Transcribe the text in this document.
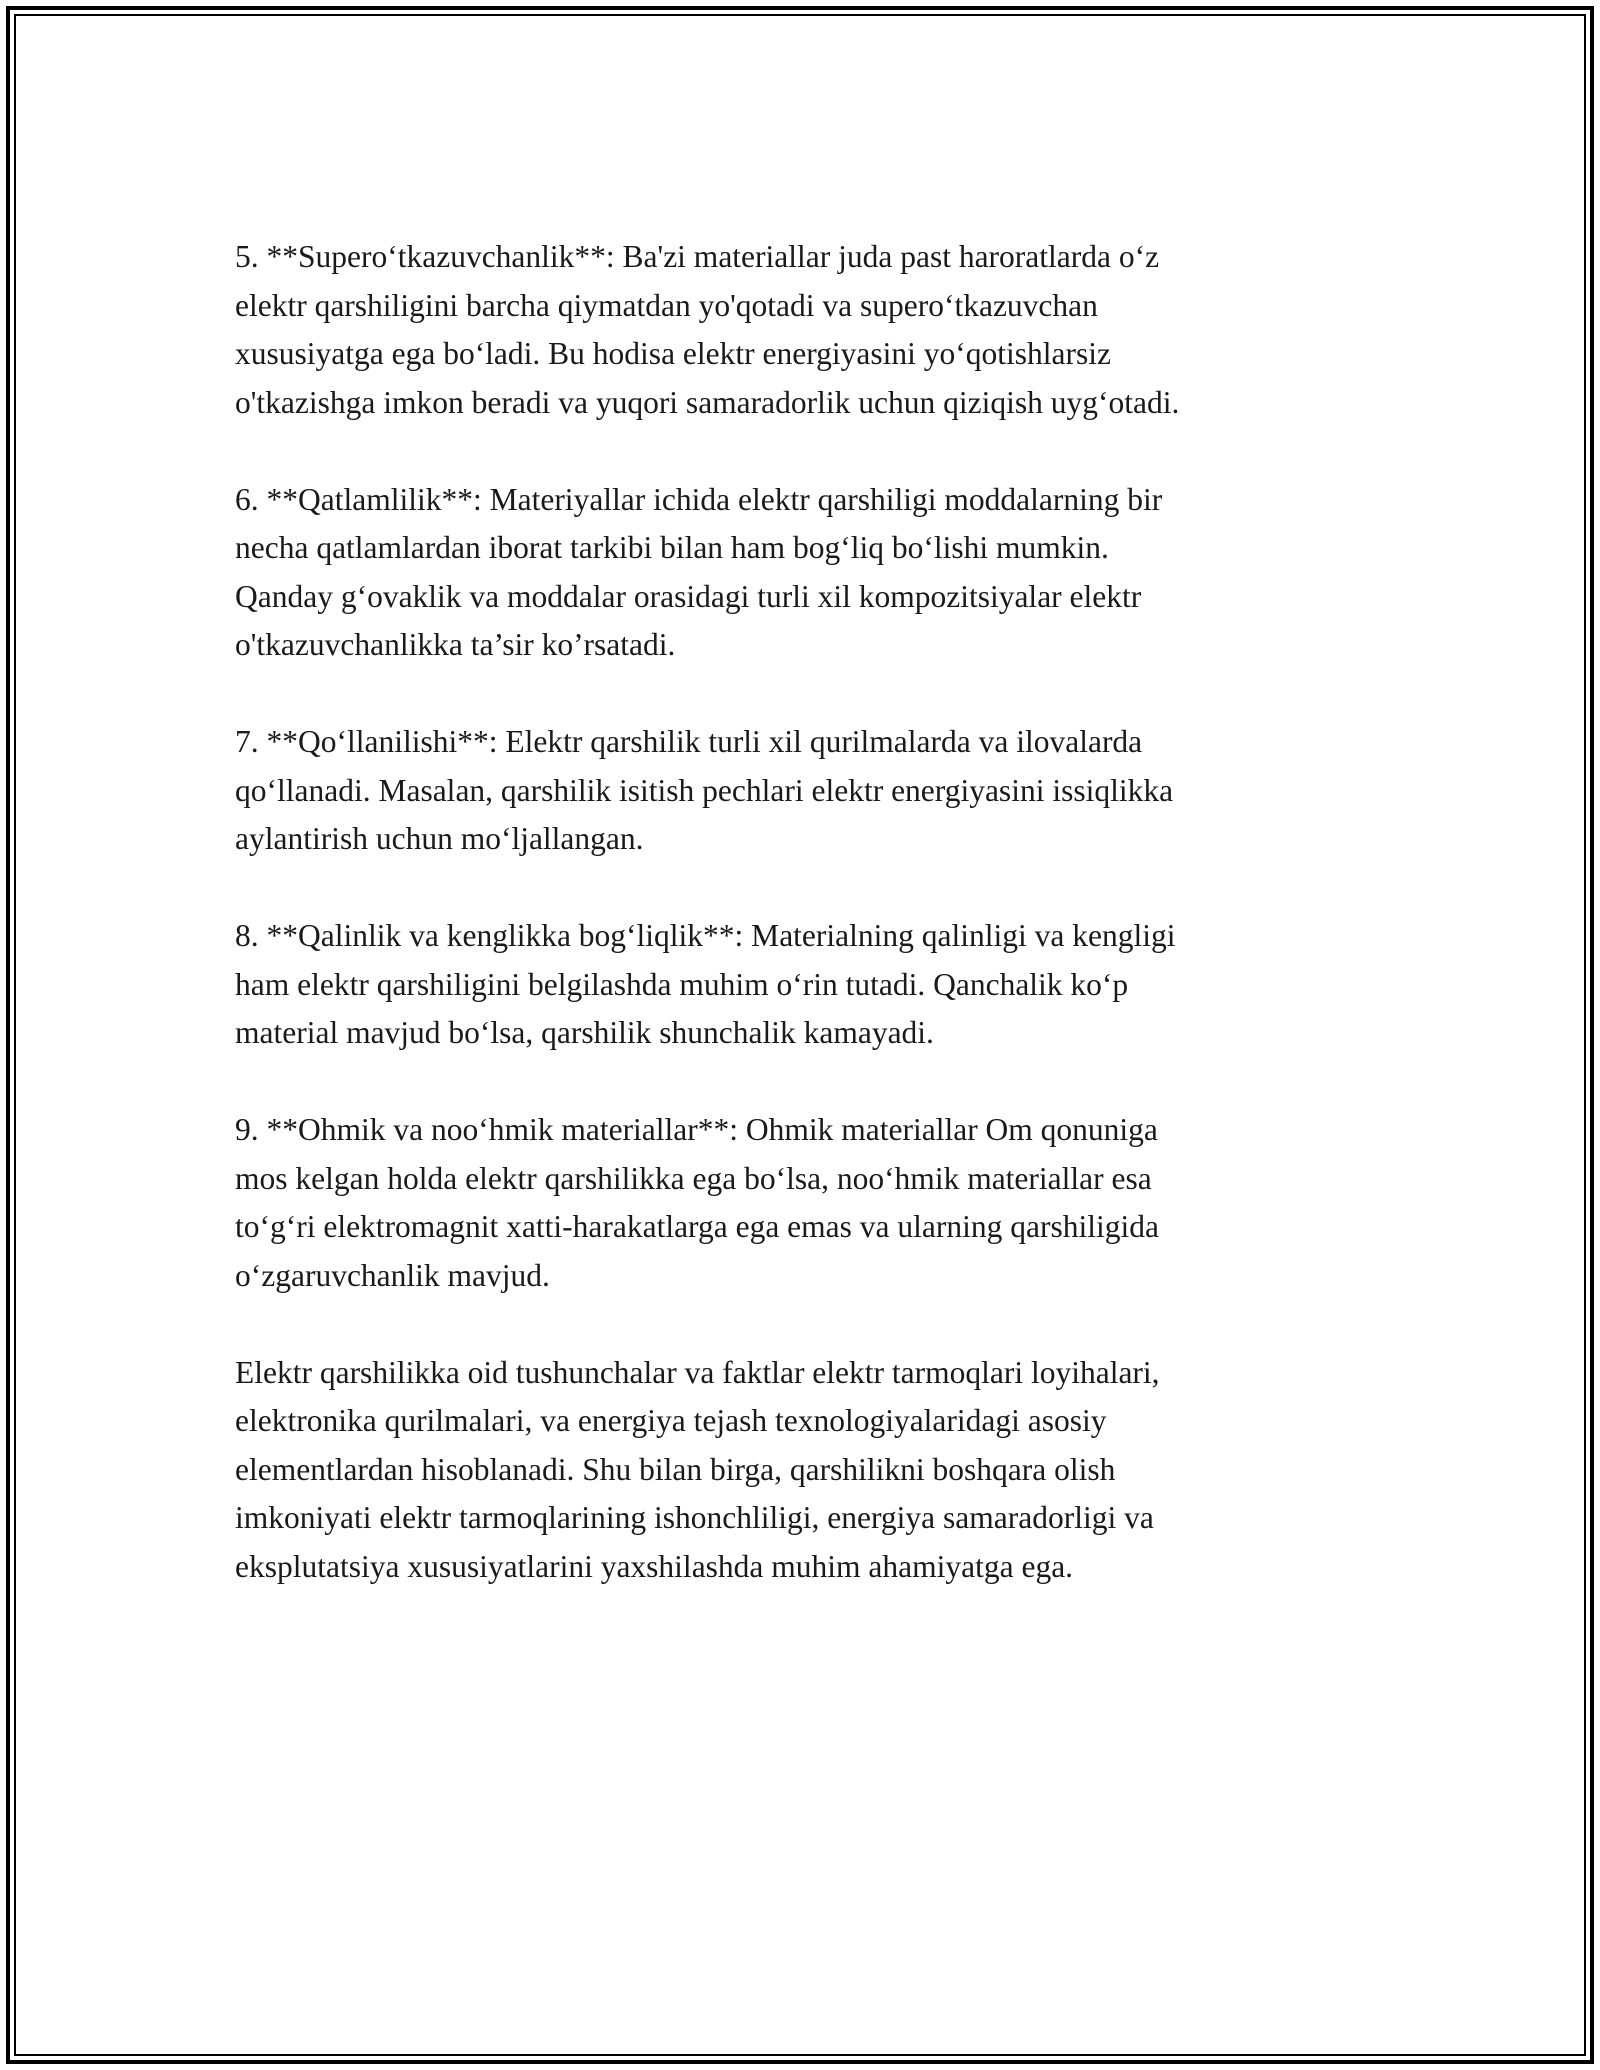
5. **Supero‘tkazuvchanlik**: Ba'zi materiallar juda past haroratlarda o‘z
elektr qarshiligini barcha qiymatdan yo'qotadi va supero‘tkazuvchan
xususiyatga ega bo‘ladi. Bu hodisa elektr energiyasini yo‘qotishlarsiz
o'tkazishga imkon beradi va yuqori samaradorlik uchun qiziqish uyg‘otadi.

6. **Qatlamlilik**: Materiyallar ichida elektr qarshiligi moddalarning bir
necha qatlamlardan iborat tarkibi bilan ham bog‘liq bo‘lishi mumkin.
Qanday g‘ovaklik va moddalar orasidagi turli xil kompozitsiyalar elektr
o'tkazuvchanlikka ta’sir ko’rsatadi.

7. **Qo‘llanilishi**: Elektr qarshilik turli xil qurilmalarda va ilovalarda
qo‘llanadi. Masalan, qarshilik isitish pechlari elektr energiyasini issiqlikka
aylantirish uchun mo‘ljallangan.

8. **Qalinlik va kenglikka bog‘liqlik**: Materialning qalinligi va kengligi
ham elektr qarshiligini belgilashda muhim o‘rin tutadi. Qanchalik ko‘p
material mavjud bo‘lsa, qarshilik shunchalik kamayadi.

9. **Ohmik va noo‘hmik materiallar**: Ohmik materiallar Om qonuniga
mos kelgan holda elektr qarshilikka ega bo‘lsa, noo‘hmik materiallar esa
to‘g‘ri elektromagnit xatti-harakatlarga ega emas va ularning qarshiligida
o‘zgaruvchanlik mavjud.

Elektr qarshilikka oid tushunchalar va faktlar elektr tarmoqlari loyihalari,
elektronika qurilmalari, va energiya tejash texnologiyalaridagi asosiy
elementlardan hisoblanadi. Shu bilan birga, qarshilikni boshqara olish
imkoniyati elektr tarmoqlarining ishonchliligi, energiya samaradorligi va
eksplutatsiya xususiyatlarini yaxshilashda muhim ahamiyatga ega.
